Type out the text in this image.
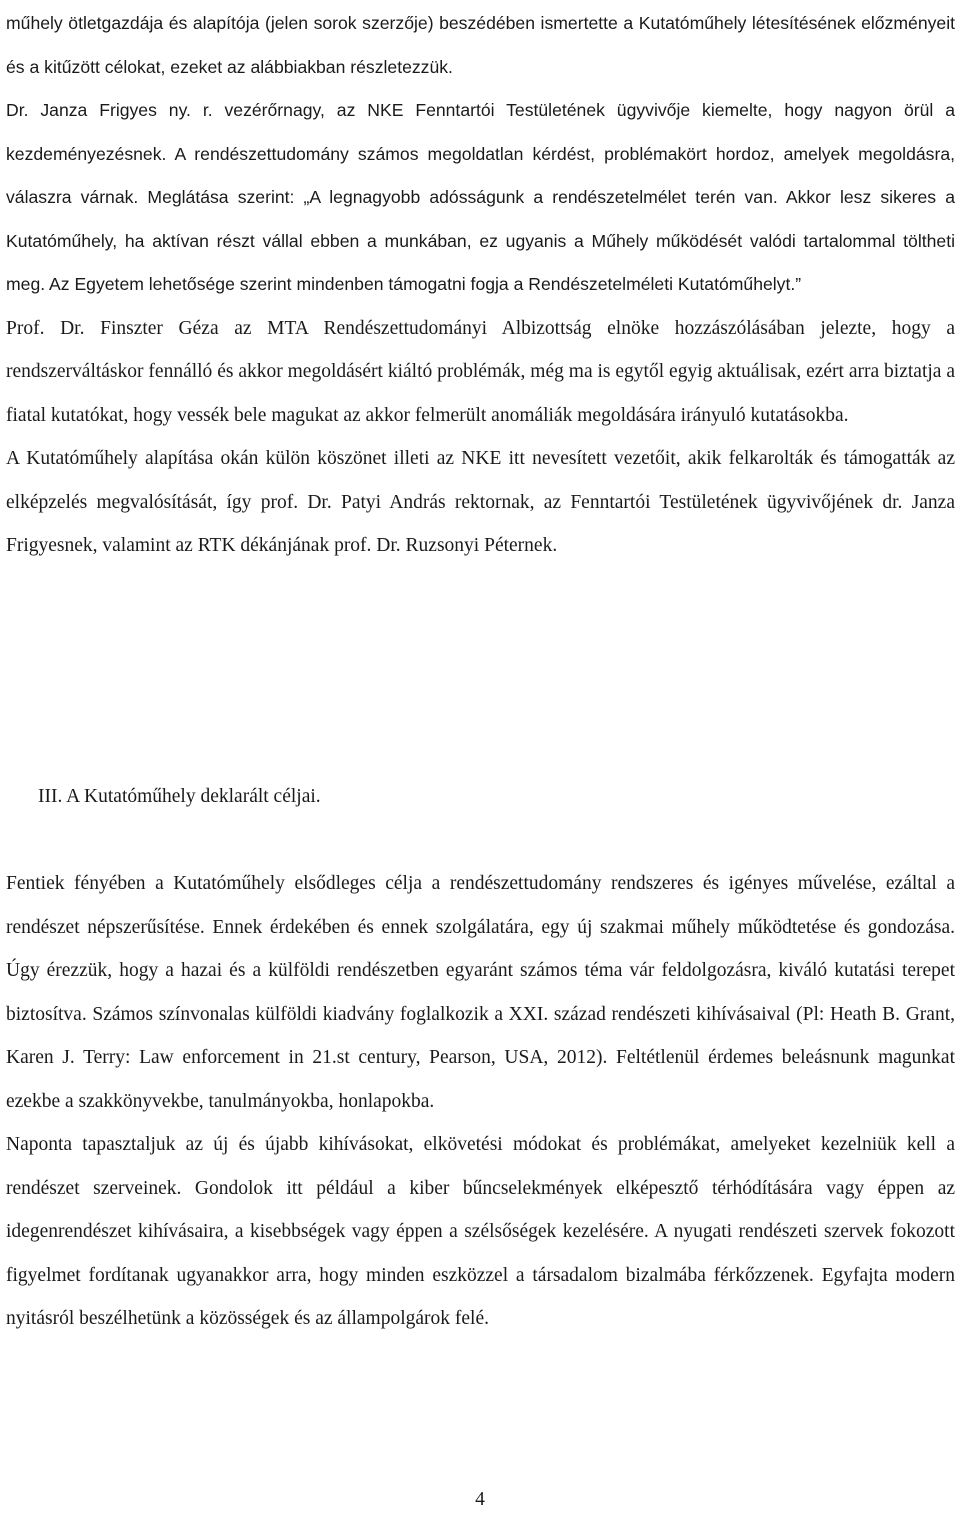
műhely ötletgazdája és alapítója (jelen sorok szerzője) beszédében ismertette a Kutatóműhely létesítésének előzményeit és a kitűzött célokat, ezeket az alábbiakban részletezzük.

Dr. Janza Frigyes ny. r. vezérőrnagy, az NKE Fenntartói Testületének ügyvivője kiemelte, hogy nagyon örül a kezdeményezésnek. A rendészettudomány számos megoldatlan kérdést, problémakört hordoz, amelyek megoldásra, válaszra várnak. Meglátása szerint: „A legnagyobb adósságunk a rendészetelmélet terén van. Akkor lesz sikeres a Kutatóműhely, ha aktívan részt vállal ebben a munkában, ez ugyanis a Műhely működését valódi tartalommal töltheti meg. Az Egyetem lehetősége szerint mindenben támogatni fogja a Rendészetelméleti Kutatóműhelyt.”

Prof. Dr. Finszter Géza az MTA Rendészettudományi Albizottság elnöke hozzászólásában jelezte, hogy a rendszerváltáskor fennálló és akkor megoldásért kiáltó problémák, még ma is egytől egyig aktuálisak, ezért arra biztatja a fiatal kutatókat, hogy vessék bele magukat az akkor felmerült anomáliák megoldására irányuló kutatásokba.

A Kutatóműhely alapítása okán külön köszönet illeti az NKE itt nevesített vezetőit, akik felkarolták és támogatták az elképzelés megvalósítását, így prof. Dr. Patyi András rektornak, az Fenntartói Testületének ügyvivőjének dr. Janza Frigyesnek, valamint az RTK dékánjának prof. Dr. Ruzsonyi Péternek.

III. A Kutatóműhely deklarált céljai.

Fentiek fényében a Kutatóműhely elsődleges célja a rendészettudomány rendszeres és igényes művelése, ezáltal a rendészet népszerűsítése. Ennek érdekében és ennek szolgálatára, egy új szakmai műhely működtetése és gondozása. Úgy érezzük, hogy a hazai és a külföldi rendészetben egyaránt számos téma vár feldolgozásra, kiváló kutatási terepet biztosítva. Számos színvonalas külföldi kiadvány foglalkozik a XXI. század rendészeti kihívásaival (Pl: Heath B. Grant, Karen J. Terry: Law enforcement in 21.st century, Pearson, USA, 2012). Feltétlenül érdemes beleásnunk magunkat ezekbe a szakkönyvekbe, tanulmányokba, honlapokba.

Naponta tapasztaljuk az új és újabb kihívásokat, elkövetési módokat és problémákat, amelyeket kezelniük kell a rendészet szerveinek. Gondolok itt például a kiber bűncselekmények elképesztő térhódítására vagy éppen az idegenrendészet kihívásaira, a kisebbségek vagy éppen a szélsőségek kezelésére. A nyugati rendészeti szervek fokozott figyelmet fordítanak ugyanakkor arra, hogy minden eszközzel a társadalom bizalmába férkőzzenek. Egyfajta modern nyitásról beszélhetünk a közösségek és az állampolgárok felé.

4
